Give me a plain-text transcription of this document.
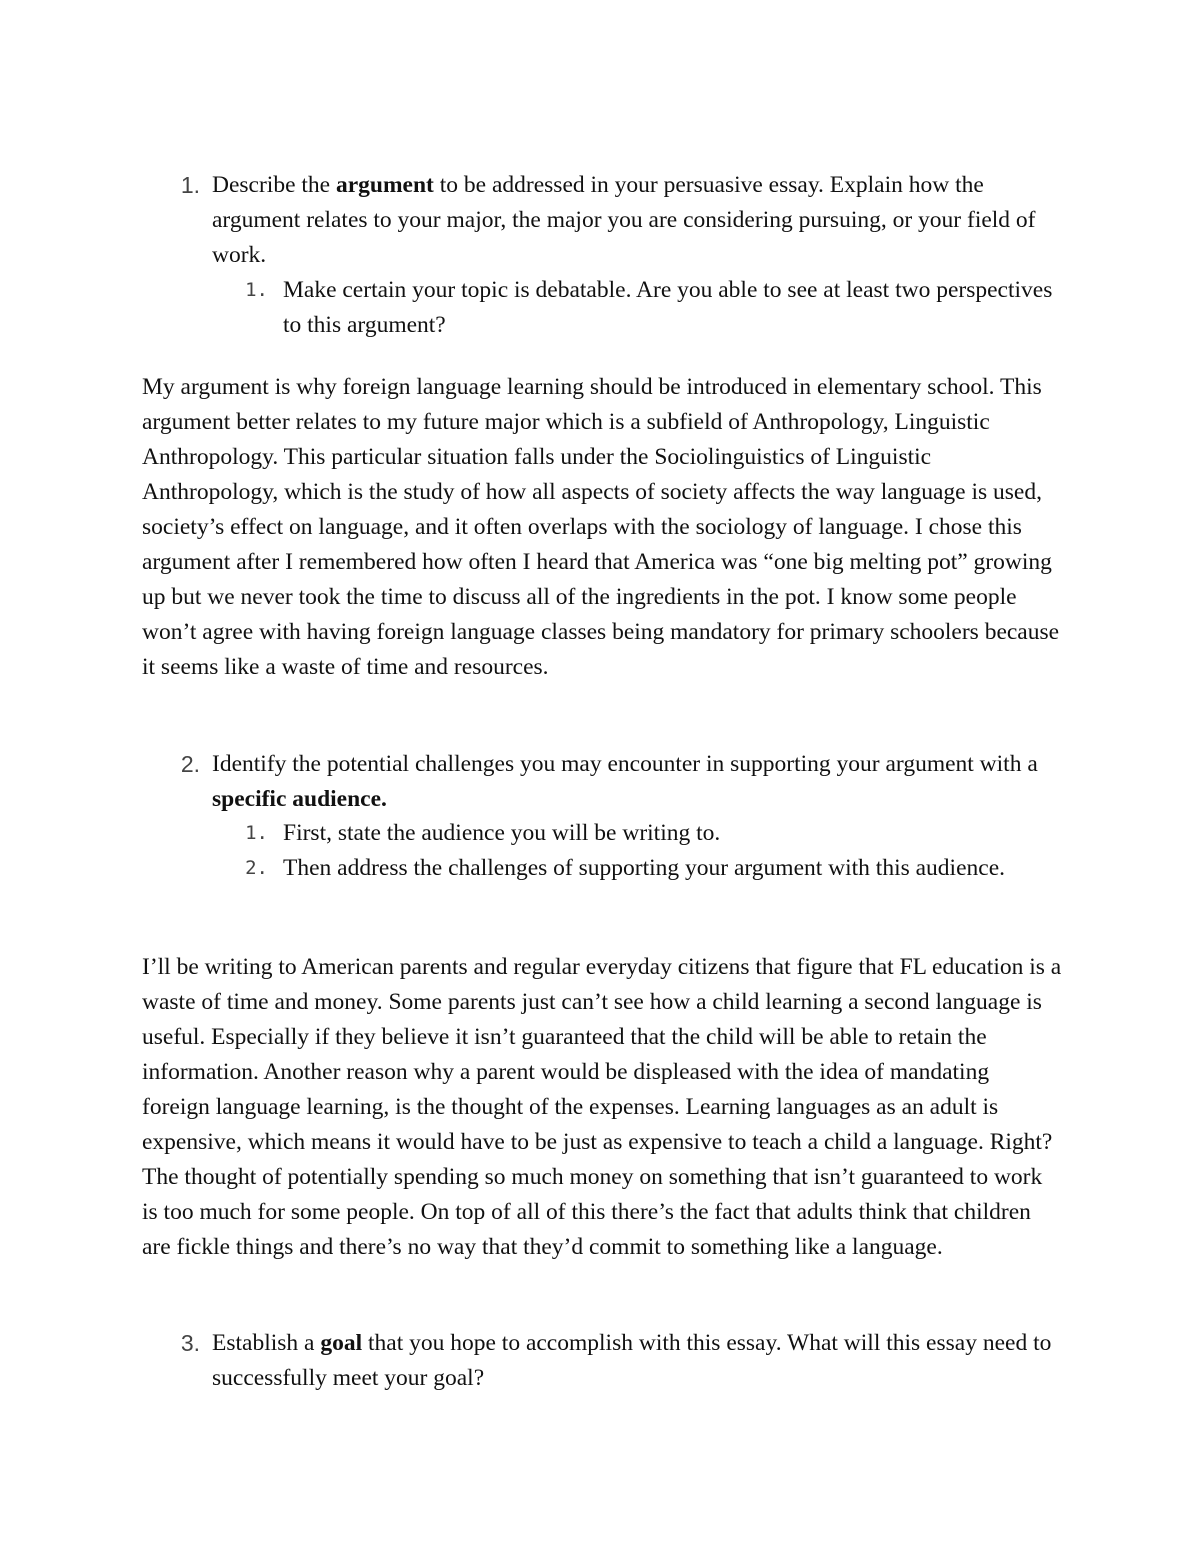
1. Describe the argument to be addressed in your persuasive essay. Explain how the argument relates to your major, the major you are considering pursuing, or your field of work.

1. Make certain your topic is debatable. Are you able to see at least two perspectives to this argument?

My argument is why foreign language learning should be introduced in elementary school. This argument better relates to my future major which is a subfield of Anthropology, Linguistic Anthropology. This particular situation falls under the Sociolinguistics of Linguistic Anthropology, which is the study of how all aspects of society affects the way language is used, society’s effect on language, and it often overlaps with the sociology of language. I chose this argument after I remembered how often I heard that America was “one big melting pot” growing up but we never took the time to discuss all of the ingredients in the pot. I know some people won’t agree with having foreign language classes being mandatory for primary schoolers because it seems like a waste of time and resources.

2. Identify the potential challenges you may encounter in supporting your argument with a specific audience.

1. First, state the audience you will be writing to.

2. Then address the challenges of supporting your argument with this audience.

I’ll be writing to American parents and regular everyday citizens that figure that FL education is a waste of time and money. Some parents just can’t see how a child learning a second language is useful. Especially if they believe it isn’t guaranteed that the child will be able to retain the information. Another reason why a parent would be displeased with the idea of mandating foreign language learning, is the thought of the expenses. Learning languages as an adult is expensive, which means it would have to be just as expensive to teach a child a language. Right? The thought of potentially spending so much money on something that isn’t guaranteed to work is too much for some people. On top of all of this there’s the fact that adults think that children are fickle things and there’s no way that they’d commit to something like a language.

3. Establish a goal that you hope to accomplish with this essay. What will this essay need to successfully meet your goal?
